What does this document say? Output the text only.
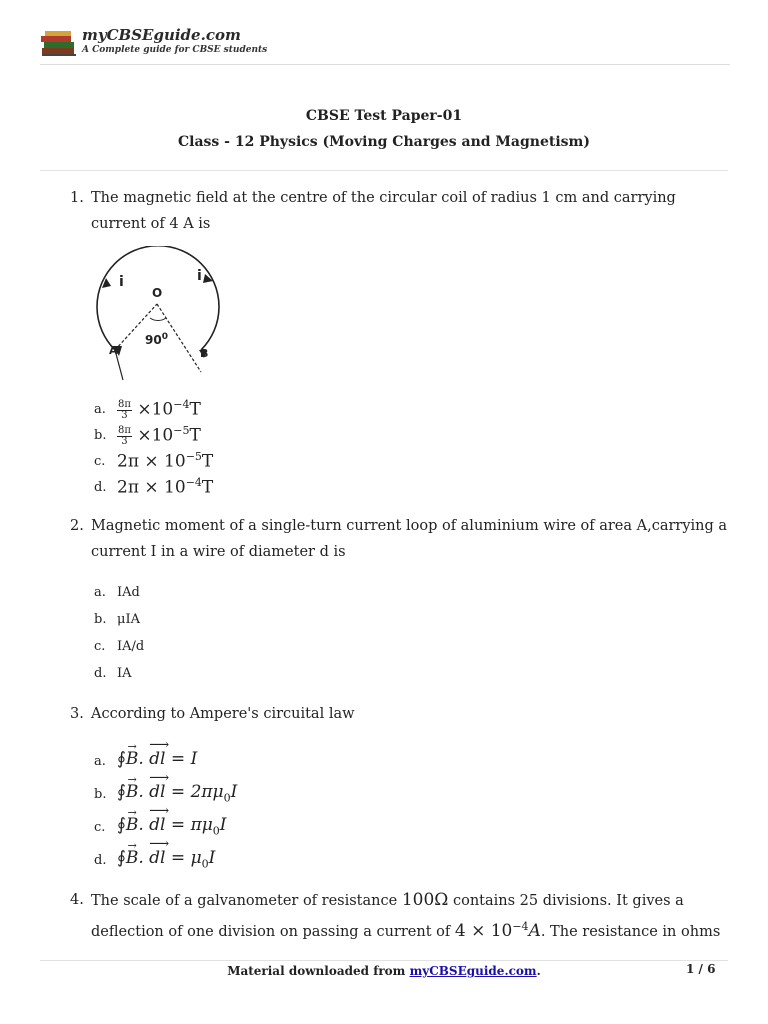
myCBSEguide.com
A Complete guide for CBSE students
CBSE Test Paper-01
Class - 12 Physics (Moving Charges and Magnetism)
1. The magnetic field at the centre of the circular coil of radius 1 cm and carrying current of 4 A is
i	i
O
$90^0$
A	B
a. $\frac{8\pi}{3} \times 10^{-4}T$
b. $\frac{8\pi}{3} \times 10^{-5}T$
c. $2\pi \times 10^{-5}T$
d. $2\pi \times 10^{-4}T$
2. Magnetic moment of a single-turn current loop of aluminium wire of area A,carrying a current I in a wire of diameter d is
a. IAd
b. μIA
c. IA/d
d. IA
3. According to Ampere's circuital law
a. ∮→ B. ⟶ dl = I
b. ∮→ B. ⟶ dl = $2\pi\mu_0I$
c. ∮→ B. ⟶ dl = $\pi\mu_0I$
d. ∮→ B. ⟶ dl = $\mu_0I$
4. The scale of a galvanometer of resistance 100Ω contains 25 divisions. It gives a deflection of one division on passing a current of $4 \times 10^{-4}A$. The resistance in ohms
Material downloaded from myCBSEguide.com.	1 / 6
